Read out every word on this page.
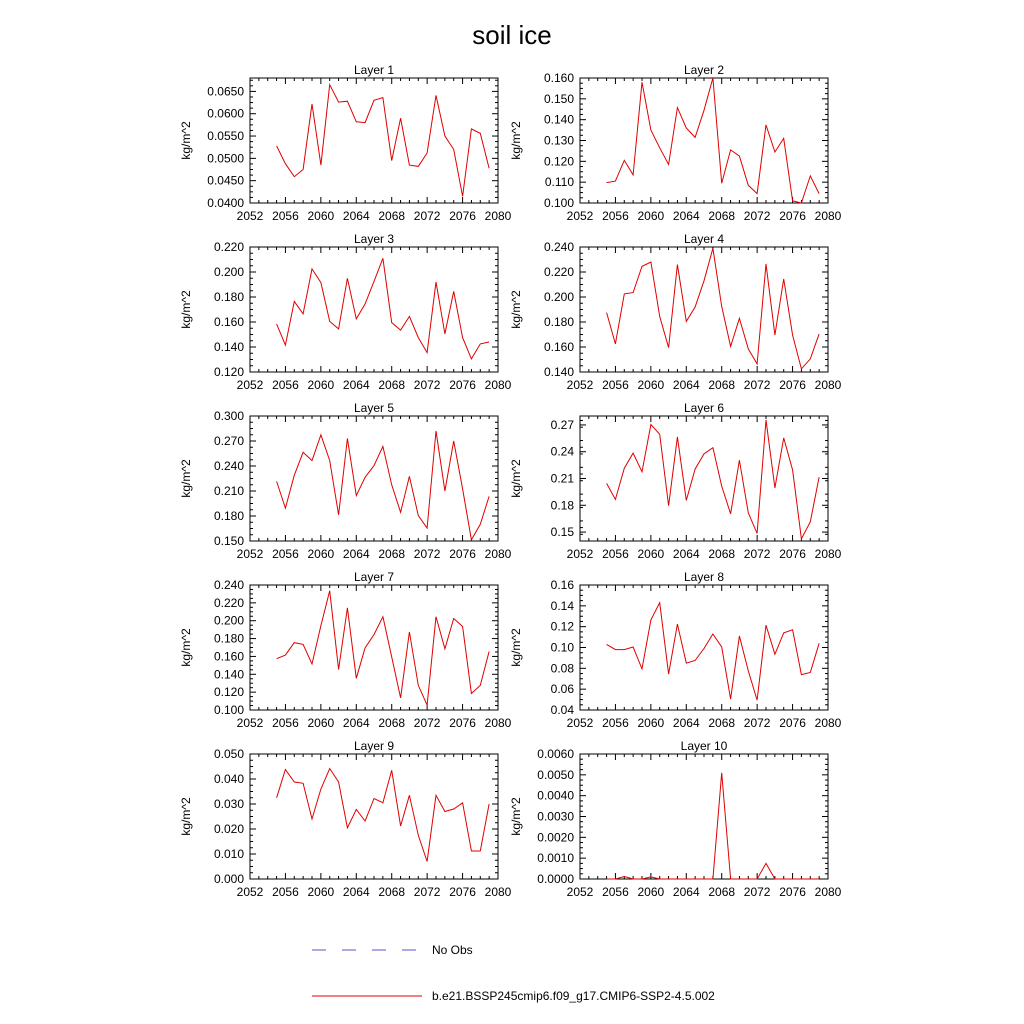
soil ice
Layer 1
kg/m^2
2052 2056 2060 2064 2068 2072 2076 2080
0.0400
0.0450
0.0500
0.0550
0.0600
0.0650
Layer 2
kg/m^2
2052 2056 2060 2064 2068 2072 2076 2080
0.100
0.110
0.120
0.130
0.140
0.150
0.160
Layer 3
kg/m^2
2052 2056 2060 2064 2068 2072 2076 2080
0.120
0.140
0.160
0.180
0.200
0.220
Layer 4
kg/m^2
2052 2056 2060 2064 2068 2072 2076 2080
0.140
0.160
0.180
0.200
0.220
0.240
Layer 5
kg/m^2
2052 2056 2060 2064 2068 2072 2076 2080
0.150
0.180
0.210
0.240
0.270
0.300
Layer 6
kg/m^2
2052 2056 2060 2064 2068 2072 2076 2080
0.15
0.18
0.21
0.24
0.27
Layer 7
kg/m^2
2052 2056 2060 2064 2068 2072 2076 2080
0.100
0.120
0.140
0.160
0.180
0.200
0.220
0.240
Layer 8
kg/m^2
2052 2056 2060 2064 2068 2072 2076 2080
0.04
0.06
0.08
0.10
0.12
0.14
0.16
Layer 9
kg/m^2
2052 2056 2060 2064 2068 2072 2076 2080
0.000
0.010
0.020
0.030
0.040
0.050
Layer 10
kg/m^2
2052 2056 2060 2064 2068 2072 2076 2080
0.0000
0.0010
0.0020
0.0030
0.0040
0.0050
0.0060
No Obs
b.e21.BSSP245cmip6.f09_g17.CMIP6-SSP2-4.5.002
